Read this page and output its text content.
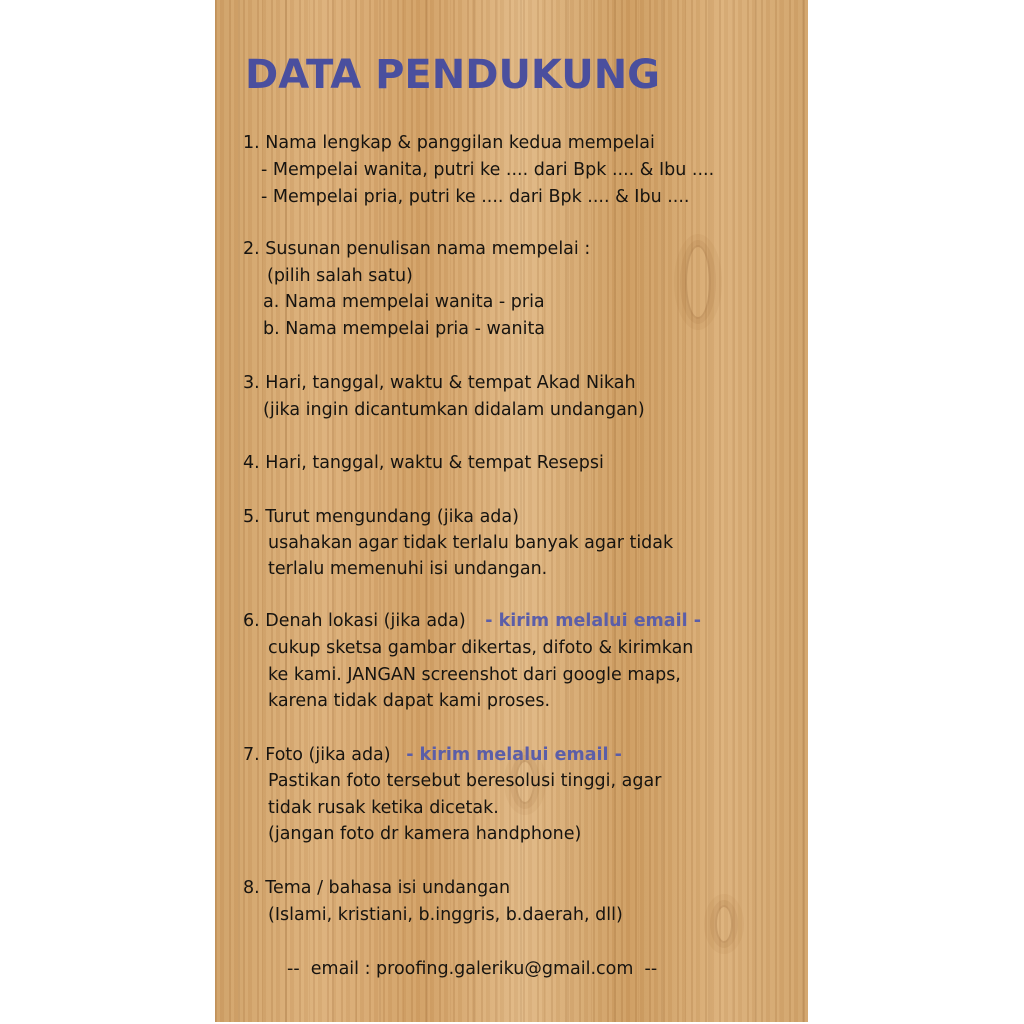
DATA PENDUKUNG
1. Nama lengkap & panggilan kedua mempelai
- Mempelai wanita, putri ke .... dari Bpk .... & Ibu ....
- Mempelai pria, putri ke .... dari Bpk .... & Ibu ....
2. Susunan penulisan nama mempelai :
(pilih salah satu)
a. Nama mempelai wanita - pria
b. Nama mempelai pria - wanita
3. Hari, tanggal, waktu & tempat Akad Nikah
(jika ingin dicantumkan didalam undangan)
4. Hari, tanggal, waktu & tempat Resepsi
5. Turut mengundang (jika ada)
usahakan agar tidak terlalu banyak agar tidak
terlalu memenuhi isi undangan.
6. Denah lokasi (jika ada) - kirim melalui email -
cukup sketsa gambar dikertas, difoto & kirimkan
ke kami. JANGAN screenshot dari google maps,
karena tidak dapat kami proses.
7. Foto (jika ada) - kirim melalui email -
Pastikan foto tersebut beresolusi tinggi, agar
tidak rusak ketika dicetak.
(jangan foto dr kamera handphone)
8. Tema / bahasa isi undangan
(Islami, kristiani, b.inggris, b.daerah, dll)
--  email : proofing.galeriku@gmail.com  --
